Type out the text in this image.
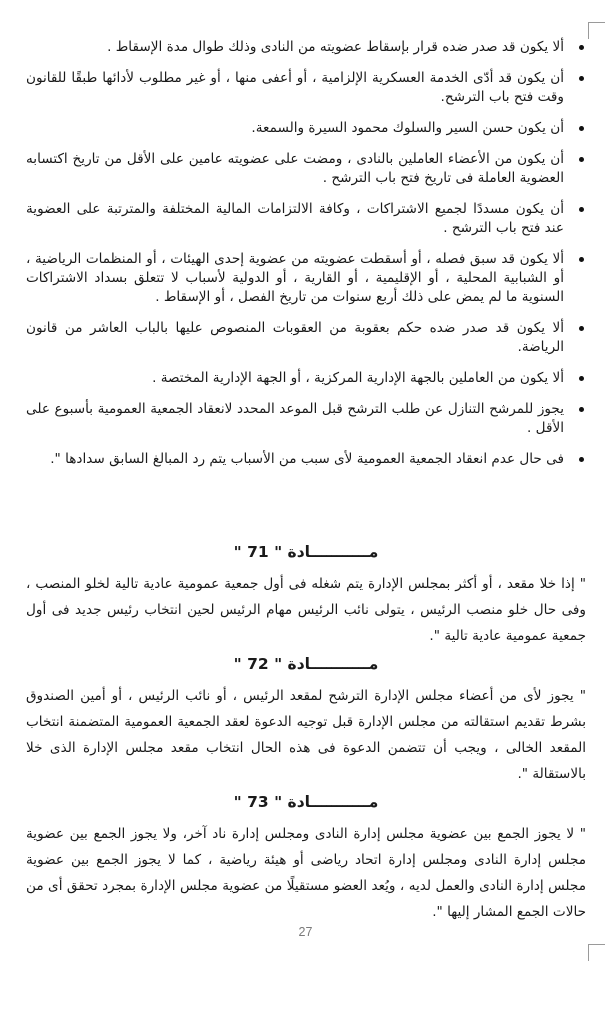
ألا يكون قد صدر ضده قرار بإسقاط عضويته من النادى وذلك طوال مدة الإسقاط .
أن يكون قد أدّى الخدمة العسكرية الإلزامية ، أو أعفى منها ، أو غير مطلوب لأدائها طبقًا للقانون وقت فتح باب الترشح.
أن يكون حسن السير والسلوك محمود السيرة والسمعة.
أن يكون من الأعضاء العاملين بالنادى ، ومضت على عضويته عامين على الأقل من تاريخ اكتسابه العضوية العاملة فى تاريخ فتح باب الترشح .
أن يكون مسددًا لجميع الاشتراكات ، وكافة الالتزامات المالية المختلفة والمترتبة على العضوية عند فتح باب الترشح .
ألا يكون قد سبق فصله ، أو أسقطت عضويته من عضوية إحدى الهيئات ، أو المنظمات الرياضية ، أو الشبابية المحلية ، أو الإقليمية ، أو القارية ، أو الدولية لأسباب لا تتعلق بسداد الاشتراكات السنوية ما لم يمض على ذلك أربع سنوات من تاريخ الفصل ، أو الإسقاط .
ألا يكون قد صدر ضده حكم بعقوبة من العقوبات المنصوص عليها بالباب العاشر من قانون الرياضة.
ألا يكون من العاملين بالجهة الإدارية المركزية ، أو الجهة الإدارية المختصة .
يجوز للمرشح التنازل عن طلب الترشح قبل الموعد المحدد لانعقاد الجمعية العمومية بأسبوع على الأقل .
فى حال عدم انعقاد الجمعية العمومية لأى سبب من الأسباب يتم رد المبالغ السابق سدادها ".
مـــــــــــادة " 71 "

" إذا خلا مقعد ، أو أكثر بمجلس الإدارة يتم شغله فى أول جمعية عمومية عادية تالية لخلو المنصب ، وفى حال خلو منصب الرئيس ، يتولى نائب الرئيس مهام الرئيس لحين انتخاب رئيس جديد فى أول جمعية عمومية عادية تالية ".

مـــــــــــادة " 72 "

" يجوز لأى من أعضاء مجلس الإدارة الترشح لمقعد الرئيس ، أو نائب الرئيس ، أو أمين الصندوق بشرط تقديم استقالته من مجلس الإدارة قبل توجيه الدعوة لعقد الجمعية العمومية المتضمنة انتخاب المقعد الخالى ، ويجب أن تتضمن الدعوة فى هذه الحال انتخاب مقعد مجلس الإدارة الذى خلا بالاستقالة ".

مـــــــــــادة " 73 "

" لا يجوز الجمع بين عضوية مجلس إدارة النادى ومجلس إدارة ناد آخر، ولا يجوز الجمع بين عضوية مجلس إدارة النادى ومجلس إدارة اتحاد رياضى أو هيئة رياضية ، كما لا يجوز الجمع بين عضوية مجلس إدارة النادى والعمل لديه ، ويُعد العضو مستقيلًا من عضوية مجلس الإدارة بمجرد تحقق أى من حالات الجمع المشار إليها ".

27
